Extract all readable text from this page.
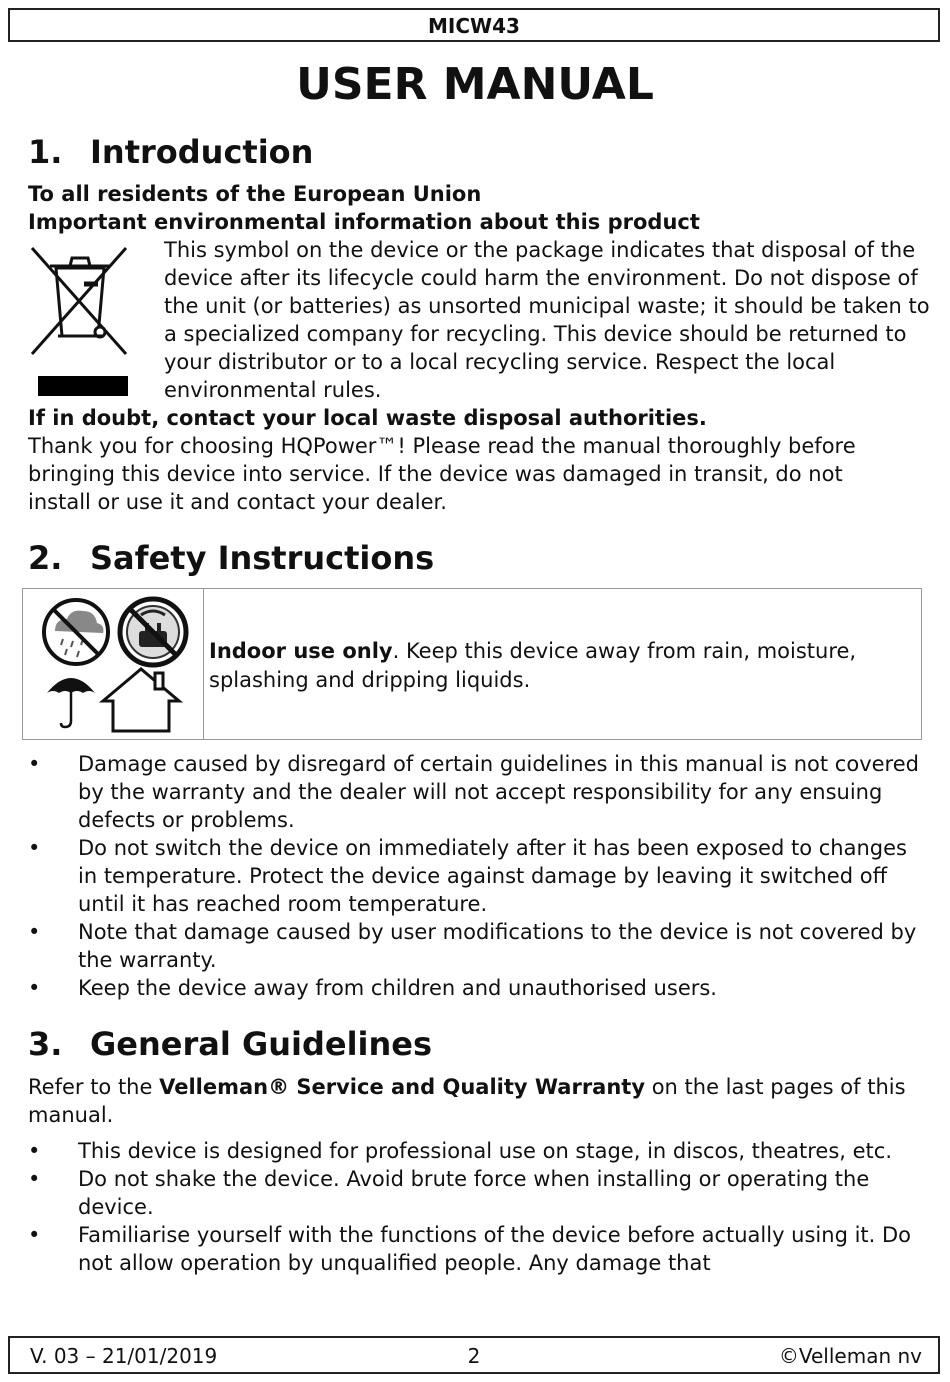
MICW43
USER MANUAL
1. Introduction
To all residents of the European Union
Important environmental information about this product
This symbol on the device or the package indicates that disposal of the device after its lifecycle could harm the environment. Do not dispose of the unit (or batteries) as unsorted municipal waste; it should be taken to a specialized company for recycling. This device should be returned to your distributor or to a local recycling service. Respect the local environmental rules.
If in doubt, contact your local waste disposal authorities.
Thank you for choosing HQPower™! Please read the manual thoroughly before bringing this device into service. If the device was damaged in transit, do not install or use it and contact your dealer.
2. Safety Instructions
Indoor use only. Keep this device away from rain, moisture, splashing and dripping liquids.
•	Damage caused by disregard of certain guidelines in this manual is not covered by the warranty and the dealer will not accept responsibility for any ensuing defects or problems.
•	Do not switch the device on immediately after it has been exposed to changes in temperature. Protect the device against damage by leaving it switched off until it has reached room temperature.
•	Note that damage caused by user modifications to the device is not covered by the warranty.
•	Keep the device away from children and unauthorised users.
3. General Guidelines
Refer to the Velleman® Service and Quality Warranty on the last pages of this manual.
•	This device is designed for professional use on stage, in discos, theatres, etc.
•	Do not shake the device. Avoid brute force when installing or operating the device.
•	Familiarise yourself with the functions of the device before actually using it. Do not allow operation by unqualified people. Any damage that
2
V. 03 – 21/01/2019	©Velleman nv
